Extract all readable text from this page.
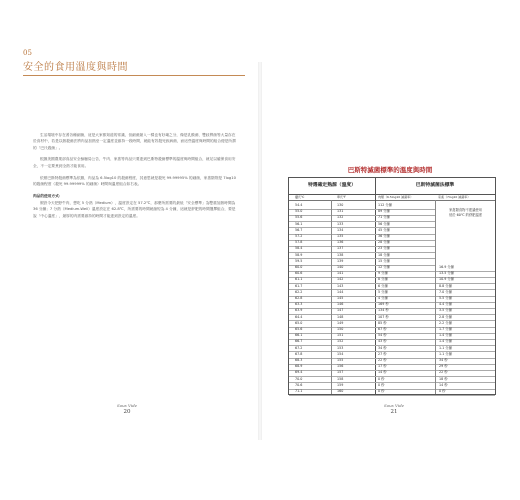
05
安全的食用溫度與時間

生活環境中存在著各種細菌，這是大家都知道的常識，但細菌最入一樣也有好壞之分，像是乳酸菌、雙歧桿菌等大量存在於食材中，若是以熱殺菌法將肉品加熱至一定溫度並維持一段時間，就能有效殺死致病菌，而這些溫度與時間的組合便是所謂的「巴氏殺菌」。

根據美國農業部食品安全檢驗局公告，牛肉、家禽等肉品只要達到巴斯特殺菌標準的溫度與時間組合，就足以確保食用安全，不一定要煮到全熟才能食用。

依照巴斯特殺菌標準為依據，肉品為 6.5log10 的殺菌程度，其意思就是殺死 99.99995% 的細菌，家禽類則是 7log10 的殺菌程度（殺死 99.99999% 的細菌）時間與溫度組合如右表。

肉品的使用方式：

假設今天把野牛肉，想吃 5 分熟（Medium），溫度設定在 57.2℃，那麼所需要的最低「安全標準」為雙重加熱時間為 36 分鐘；7 分熟（Medium-Well）溫度設定在 62.8℃，所需要的時間就縮短為 4 分鐘，這就是舒肥的時間選擇組合，要是說「中心溫度」，最厚的肉需要維持的時間才能達到設定的溫度。

Sous Vide
20
巴斯特滅菌標準的溫度與時間
特選確定熟源（溫度）	巴斯特滅菌法標準
攝氏℃	華氏℉	肉類（6.5log10 滅菌率）	家禽（7log10 滅菌率）
家禽類食物不建議使用低於 60℃ 的舒肥溫度
54.4	130	112 分鐘
55.0	131	89 分鐘
55.6	132	71 分鐘
56.1	133	56 分鐘
56.7	134	45 分鐘
57.2	135	36 分鐘
57.8	136	28 分鐘
58.4	137	23 分鐘
58.9	138	18 分鐘
59.5	139	15 分鐘
60.0	140	12 分鐘	16.9 分鐘
60.6	141	9 分鐘	13.5 分鐘
61.1	142	8 分鐘	10.9 分鐘
61.7	143	6 分鐘	8.8 分鐘
62.2	144	5 分鐘	7.0 分鐘
62.8	145	4 分鐘	5.5 分鐘
63.3	146	169 秒	4.4 分鐘
63.9	147	134 秒	3.5 分鐘
64.4	148	107 秒	2.8 分鐘
65.0	149	85 秒	2.2 分鐘
65.6	150	67 秒	1.7 分鐘
66.1	151	54 秒	1.4 分鐘
66.7	152	43 秒	1.4 分鐘
67.2	153	34 秒	1.1 分鐘
67.8	154	27 秒	1.1 分鐘
68.3	155	22 秒	34 秒
68.9	156	17 秒	29 秒
69.4	157	14 秒	22 秒
70.0	158	0 秒	18 秒
70.6	159	0 秒	14 秒
71.1	160	0 秒	0 秒
Sous Vide
21
